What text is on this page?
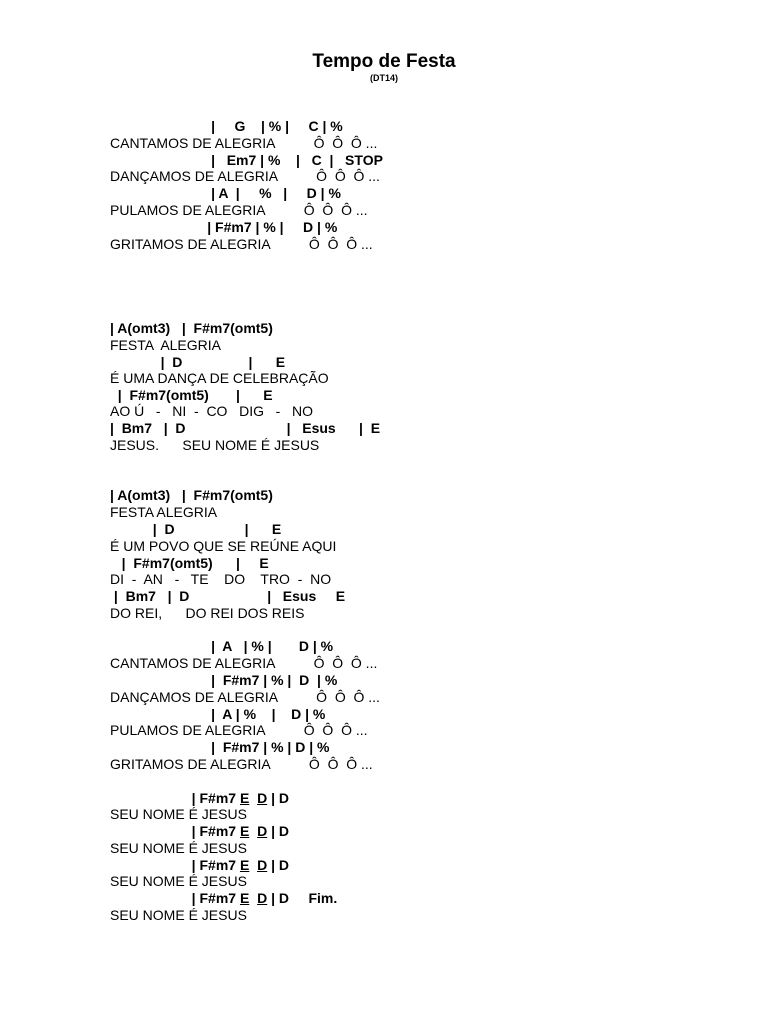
Tempo de Festa
(DT14)
|     G    | % |     C | %
CANTAMOS DE ALEGRIA          Ô  Ô  Ô ...
|   Em7 | %    |   C  |   STOP
DANÇAMOS DE ALEGRIA          Ô  Ô  Ô ...
| A  |     %   |     D | %
PULAMOS DE ALEGRIA          Ô  Ô  Ô ...
| F#m7 | % |     D | %
GRITAMOS DE ALEGRIA          Ô  Ô  Ô ...
| A(omt3)   |  F#m7(omt5)
FESTA  ALEGRIA
|  D                 |      E
É UMA DANÇA DE CELEBRAÇÃO
|  F#m7(omt5)       |      E
AO Ú   -   NI  -  CO   DIG   -   NO
|  Bm7   |  D                          |   Esus      |  E
JESUS.      SEU NOME É JESUS
| A(omt3)   |  F#m7(omt5)
FESTA ALEGRIA
|  D                  |      E
É UM POVO QUE SE REÚNE AQUI
|  F#m7(omt5)      |     E
DI  -  AN   -   TE    DO    TRO  -  NO
|  Bm7   |  D                    |   Esus     E
DO REI,      DO REI DOS REIS
|  A   | % |       D | %
CANTAMOS DE ALEGRIA          Ô  Ô  Ô ...
|  F#m7 | % |  D  | %
DANÇAMOS DE ALEGRIA          Ô  Ô  Ô ...
|  A | %    |    D | %
PULAMOS DE ALEGRIA          Ô  Ô  Ô ...
|  F#m7 | % | D | %
GRITAMOS DE ALEGRIA          Ô  Ô  Ô ...
| F#m7 E D | D
SEU NOME É JESUS
| F#m7 E D | D
SEU NOME É JESUS
| F#m7 E D | D
SEU NOME É JESUS
| F#m7 E D | D     Fim.
SEU NOME É JESUS
